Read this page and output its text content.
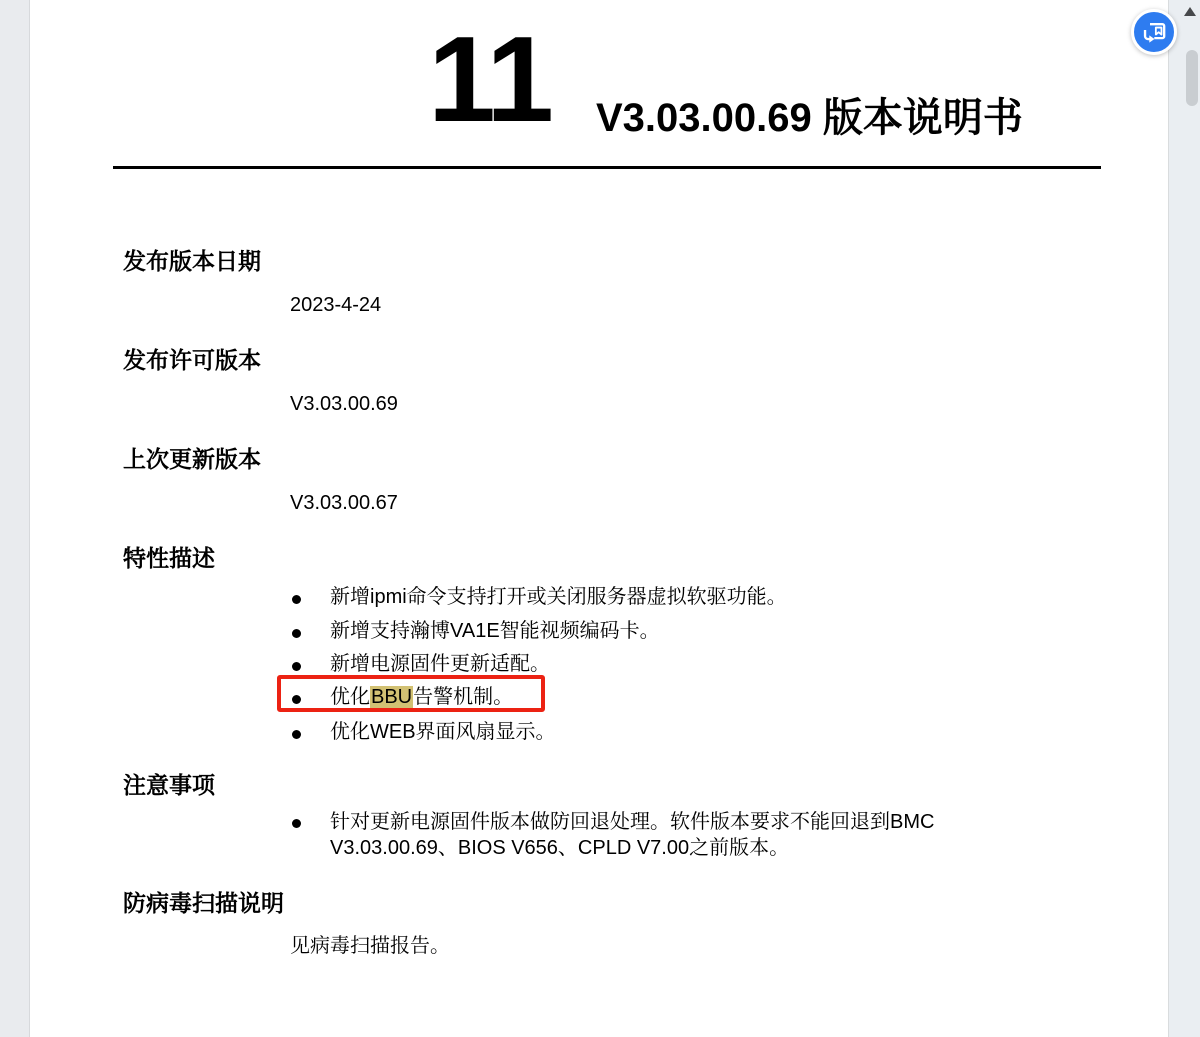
11 V3.03.00.69 版本说明书
发布版本日期
2023-4-24
发布许可版本
V3.03.00.69
上次更新版本
V3.03.00.67
特性描述
新增ipmi命令支持打开或关闭服务器虚拟软驱功能。
新增支持瀚博VA1E智能视频编码卡。
新增电源固件更新适配。
优化BBU告警机制。
优化WEB界面风扇显示。
注意事项
针对更新电源固件版本做防回退处理。软件版本要求不能回退到BMC
V3.03.00.69、BIOS V656、CPLD V7.00之前版本。
防病毒扫描说明
见病毒扫描报告。
